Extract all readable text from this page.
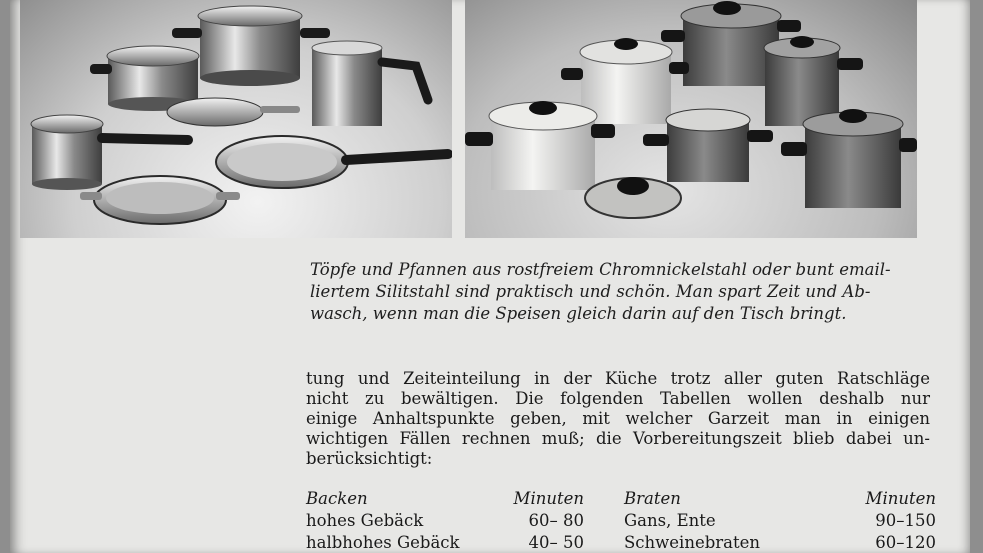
Töpfe und Pfannen aus rostfreiem Chromnickelstahl oder bunt email-
liertem Silitstahl sind praktisch und schön. Man spart Zeit und Ab-
wasch, wenn man die Speisen gleich darin auf den Tisch bringt.
tung und Zeiteinteilung in der Küche trotz aller guten Ratschläge
nicht zu bewältigen. Die folgenden Tabellen wollen deshalb nur
einige Anhaltspunkte geben, mit welcher Garzeit man in einigen
wichtigen Fällen rechnen muß; die Vorbereitungszeit blieb dabei un-
berücksichtigt:
Backen	Minuten Braten	Minuten
hohes Gebäck	60– 80 Gans, Ente	90–150
halbhohes Gebäck	40– 50 Schweinebraten	60–120
